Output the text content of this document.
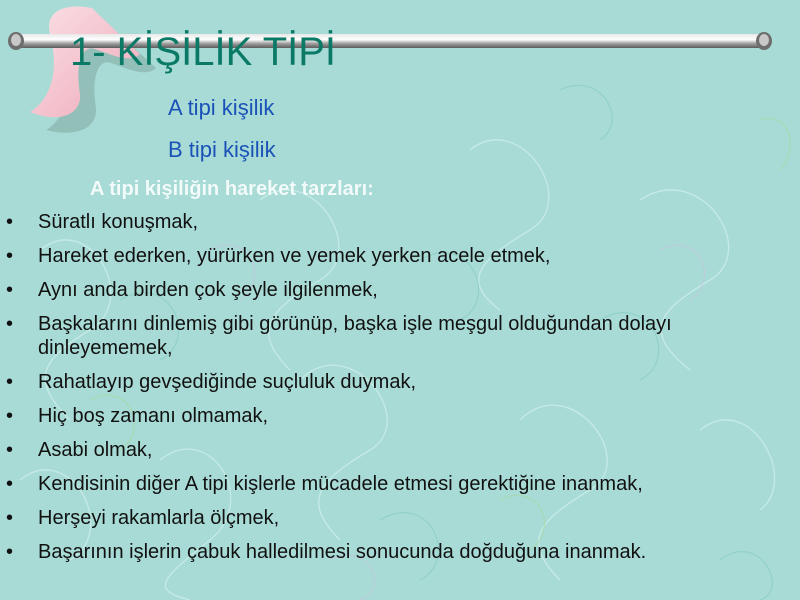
1- KİŞİLİK TİPİ
A tipi kişilik
B tipi kişilik
A tipi kişiliğin hareket tarzları:
• Süratlı konuşmak,
• Hareket ederken, yürürken ve yemek yerken acele etmek,
• Aynı anda birden çok şeyle ilgilenmek,
• Başkalarını dinlemiş gibi görünüp, başka işle meşgul olduğundan dolayı dinleyememek,
• Rahatlayıp gevşediğinde suçluluk duymak,
• Hiç boş zamanı olmamak,
• Asabi olmak,
• Kendisinin diğer A tipi kişlerle mücadele etmesi gerektiğine inanmak,
• Herşeyi rakamlarla ölçmek,
• Başarının işlerin çabuk halledilmesi sonucunda doğduğuna inanmak.
